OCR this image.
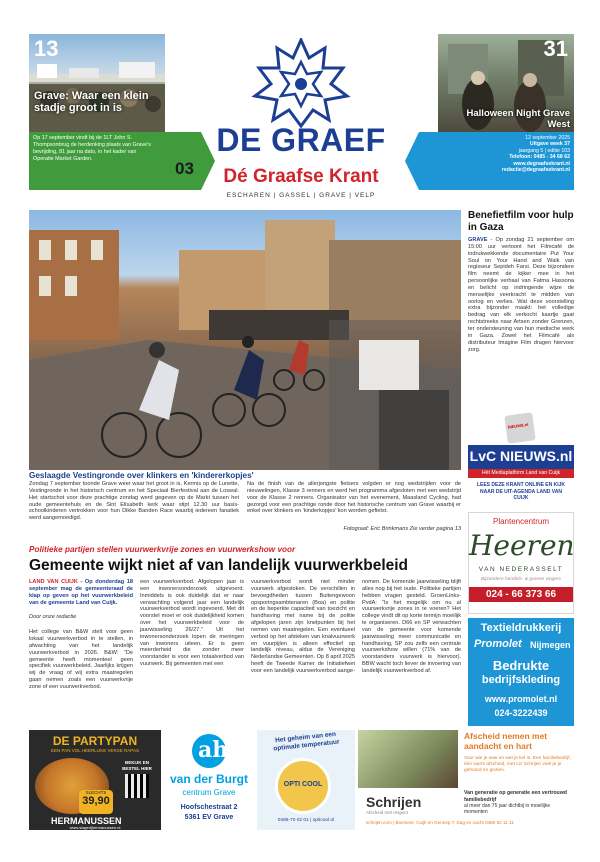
13
Grave: Waar een klein stadje groot in is
Op 17 september vindt bij de 1LT John S. Thompsonbrug de herdenking plaats van Grave's bevrijding, 81 jaar na dato, in het kader van Operatie Market Garden.	03
DE GRAEF
Dé Graafse Krant
ESCHAREN | GASSEL | GRAVE | VELP
31
Halloween Night Grave West
12 september 2025
Uitgave week 37
jaargang 5 | editie 103
Telefoon: 0485 - 34 68 62
www.degraafsekrant.nl
redactie@degraafsekrant.nl
Geslaagde Vestingronde over klinkers en 'kindererkopjes'
Zondag 7 september toonde Grave weer waar het groot in is, Kermis op de Lunette, Vestingronde in het historisch centrum en het Speciaal Bierfestival aan de Loswal. Het startschot voor deze prachtige zondag werd gegeven op de Markt tussen het oude gemeentehuis en de Sint Elisabeth kerk waar stipt 12.30 uur basis-schoolkinderen vertrokken voor hun Dikke Banden Race waarbij iedereen fanatiek werd aangemoedigd.
Na de finish van de allerjongste fietsers volgden er nog wedstrijden voor de nieuwelingen, Klasse 3 renners en werd het programma afgesloten met een wedstrijd voor de Klasse 2 renners. Organisator van het evenement, Maasland Cycling, had gezorgd voor een prachtige ronde door het historische centrum van Grave waarbij er enkel over klinkers en 'kinderkopjes' kon worden gefietst.
Fotograaf: Eric Brinkmans Zie verder pagina 13
Benefietfilm voor hulp in Gaza
GRAVE - Op zondag 21 september om 15:00 uur vertoont het Filmcafé de indrukwekkende documentaire Put Your Soul on Your Hand and Walk van regisseur Sepideh Farsi. Deze bijzondere film neemt de kijker mee in het persoonlijke verhaal van Fatma Hassona en belicht op indringende wijze de menselijke veerkracht te midden van oorlog en verlies. Wat deze voorstelling extra bijzonder maakt: het volledige bedrag van elk verkocht kaartje gaat rechtstreeks naar Artsen zonder Grenzen, ter ondersteuning van hun medische werk in Gaza. Zowel het Filmcafé als distributeur Imagine Film dragen hiervoor zorg.
NIEUWS.nl
LvC NIEUWS.nl
Hét Mediaplatform Land van Cuijk
LEES DEZE KRANT ONLINE EN KIJK NAAR DE UIT-AGENDA LAND VAN CUIJK
Plantencentrum
Heeren
VAN NEDERASSELT
Bijzondere handels- & groene vingers
024 - 66 373 66
Textieldrukkerij
Promolet Nijmegen
Bedrukte
bedrijfskleding
www.promolet.nl
024-3222439
Politieke partijen stellen vuurwerkvrije zones en vuurwerkshow voor
Gemeente wijkt niet af van landelijk vuurwerkbeleid
LAND VAN CUIJK - Op donderdag 18 september mag de gemeenteraad de klap op geven op het vuurwerkbeleid van de gemeente Land van Cuijk.
Door onze redactie
Het college van B&W stelt voor geen lokaal vuurwerkverbod in te stellen, in afwachting van het landelijk vuurwerkverbod in 2026. B&W: “De gemeente heeft momenteel geen specifiek vuurwerkbeleid. Jaarlijks krijgen wij de vraag of wij extra maatregelen gaan nemen zoals een vuurwerkvrije zone of een vuurwerkverbod.
een vuurwerkverbod. Afgelopen jaar is een inwonersonderzoek uitgevoerd. Inmiddels is ook duidelijk dat er naar verwachting volgend jaar een landelijk vuurwerkverbod wordt ingevoerd. Met dit voorstel moet er ook duidelijkheid komen over het vuurwerkbeleid voor de jaarwisseling 26/27.” Uit het inwonersonderzoek lopen de meningen van inwoners uiteen. Er is geen meerderheid die zonder meer voorstander is voor een totaalverbod van vuurwerk. Bij gemeenten met een
vuurwerkverbod wordt niet minder vuurwerk afgestoken. De verschillen in bevoegdheden tussen Buitengewoon opsporingsambtenaren (Boa) en politie en de beperkte capaciteit van toezicht en handhaving met name bij de politie afgelopen jaren zijn knelpunten bij het nemen van maatregelen. Een eventueel verbod op het afsteken van knalvuurwerk en vuurpijlen is alleen effectief op landelijk niveau, aldus de Vereniging Nederlandse Gemeenten. Op 8 april 2025 heeft de Tweede Kamer de Initiatiefwet voor een landelijk vuurwerkverbod aange-
nomen. De komende jaarwisseling blijft alles nog bij het oude. Politieke partijen hebben vragen gesteld. GroenLinks-PvdA: “Is het mogelijk om nu al vuurwerkvrije zones in te voeren? Het college vindt dit op korte termijn moeilijk te organiseren. D66 en SP verwachten van de gemeente voor komende jaarwisseling meer communicatie en handhaving, SP zou zelfs een centrale vuurwerkshow willen (71% van de voorstanders vuurwerk is hiervoor). BBW wacht toch liever de invoering van landelijk vuurwerkverbod af.
DE PARTYPAN
EEN PAN VOL HEERLIJKE VERSE RAPAS
BEKIJK EN BESTEL HIER
SLECHTS
39,90
HERMANUSSEN
www.slagerijhermanussen.nl
ah
van der Burgt
centrum Grave
Hoofschestraat 2
5361 EV Grave
Het geheim van een optimale temperatuur
OPTI COOL
0485-70 02 01 | opticool.nl
Afscheid nemen met aandacht en hart
Voor wie je was en wat je lief is. Een familiebedrijf, één warm afscheid, met Liz Schrijen voel je je gehoord en gezien.
Schrijen
Afscheid met respect
Van generatie op generatie een vertrouwd familiebedrijf
al meer dan 75 jaar dichtbij in moeilijke momenten
schrijen.com | Boxmeer, Cuijk en Gennep T. Dag en nacht 0485 52 11 11
